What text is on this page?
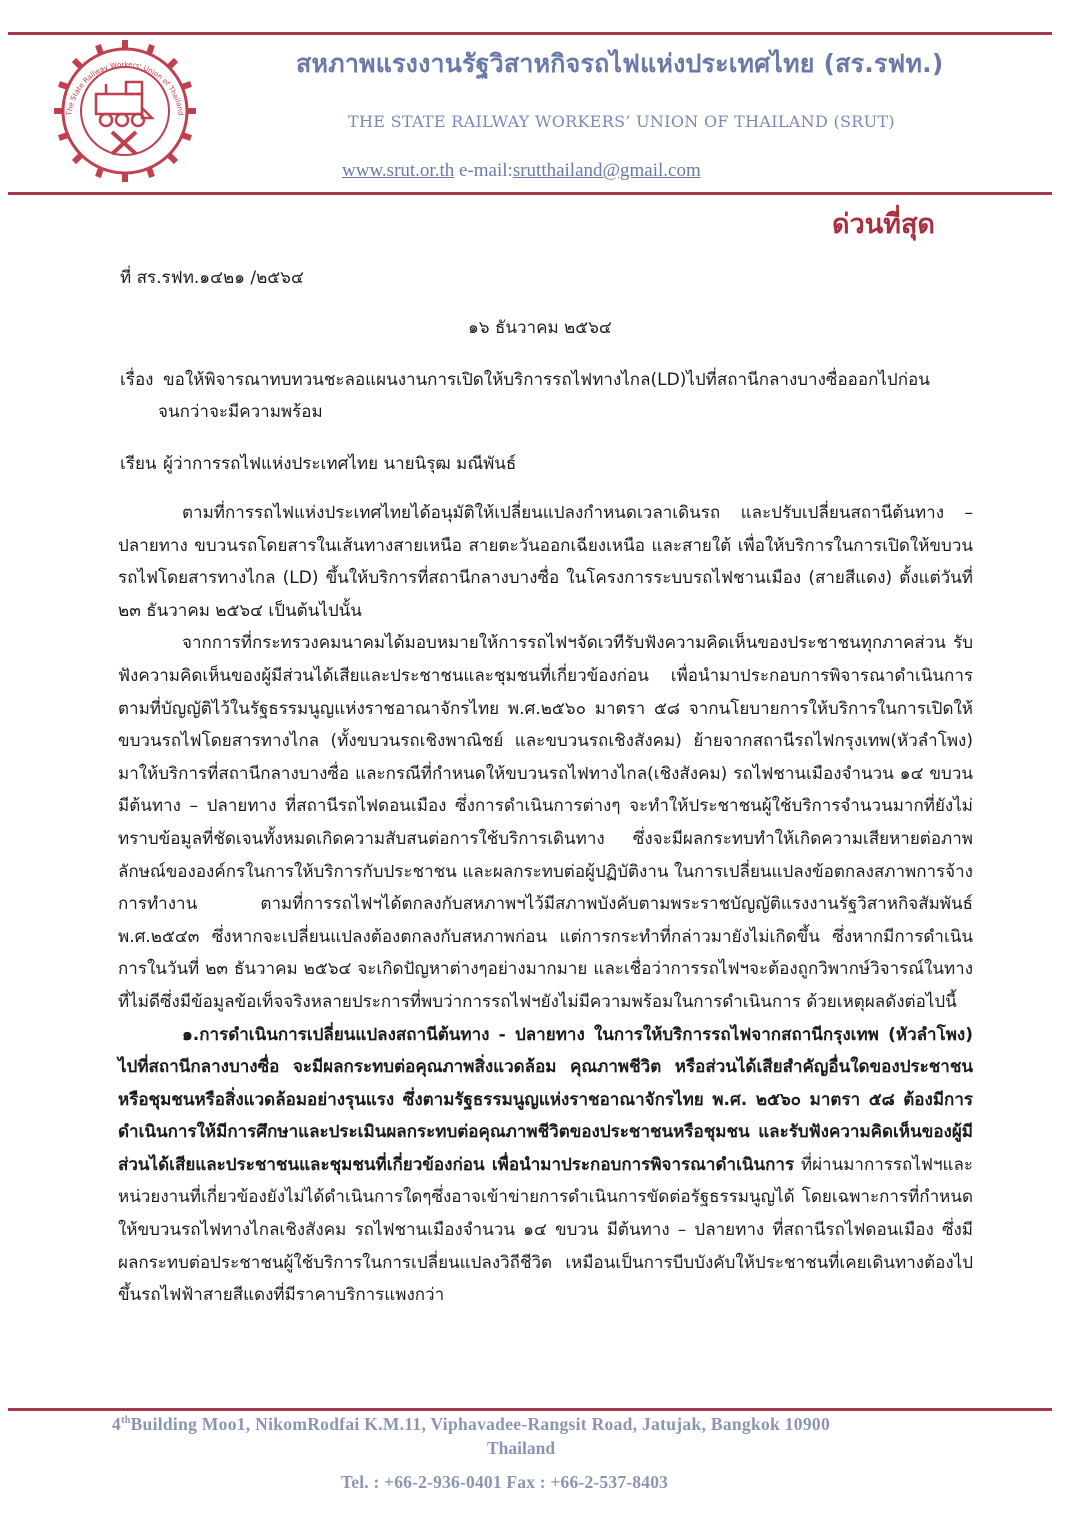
The State Railway Workers' Union of Thailand

สหภาพแรงงานรัฐวิสาหกิจรถไฟแห่งประเทศไทย (สร.รฟท.)

THE STATE RAILWAY WORKERS’ UNION OF THAILAND (SRUT)

www.srut.or.th e-mail:srutthailand@gmail.com

ด่วนที่สุด

ที่ สร.รฟท.๑๔๒๑ /๒๕๖๔

๑๖ ธันวาคม ๒๕๖๔

เรื่อง ขอให้พิจารณาทบทวนชะลอแผนงานการเปิดให้บริการรถไฟทางไกล(LD)ไปที่สถานีกลางบางซื่อออกไปก่อน

จนกว่าจะมีความพร้อม

เรียน ผู้ว่าการรถไฟแห่งประเทศไทย นายนิรุฒ มณีพันธ์

ตามที่การรถไฟแห่งประเทศไทยได้อนุมัติให้เปลี่ยนแปลงกำหนดเวลาเดินรถ และปรับเปลี่ยนสถานีต้นทาง – ปลายทาง ขบวนรถโดยสารในเส้นทางสายเหนือ สายตะวันออกเฉียงเหนือ และสายใต้ เพื่อให้บริการในการเปิดให้ขบวนรถไฟโดยสารทางไกล (LD) ขึ้นให้บริการที่สถานีกลางบางซื่อ ในโครงการระบบรถไฟชานเมือง (สายสีแดง) ตั้งแต่วันที่ ๒๓ ธันวาคม ๒๕๖๔ เป็นต้นไปนั้น

จากการที่กระทรวงคมนาคมได้มอบหมายให้การรถไฟฯจัดเวทีรับฟังความคิดเห็นของประชาชนทุกภาคส่วน รับฟังความคิดเห็นของผู้มีส่วนได้เสียและประชาชนและชุมชนที่เกี่ยวข้องก่อน เพื่อนำมาประกอบการพิจารณาดำเนินการ ตามที่บัญญัติไว้ในรัฐธรรมนูญแห่งราชอาณาจักรไทย พ.ศ.๒๕๖๐ มาตรา ๕๘ จากนโยบายการให้บริการในการเปิดให้ขบวนรถไฟโดยสารทางไกล (ทั้งขบวนรถเชิงพาณิชย์ และขบวนรถเชิงสังคม) ย้ายจากสถานีรถไฟกรุงเทพ(หัวลำโพง) มาให้บริการที่สถานีกลางบางซื่อ และกรณีที่กำหนดให้ขบวนรถไฟทางไกล(เชิงสังคม) รถไฟชานเมืองจำนวน ๑๔ ขบวน มีต้นทาง – ปลายทาง ที่สถานีรถไฟดอนเมือง ซึ่งการดำเนินการต่างๆ จะทำให้ประชาชนผู้ใช้บริการจำนวนมากที่ยังไม่ทราบข้อมูลที่ชัดเจนทั้งหมดเกิดความสับสนต่อการใช้บริการเดินทาง ซึ่งจะมีผลกระทบทำให้เกิดความเสียหายต่อภาพลักษณ์ขององค์กรในการให้บริการกับประชาชน และผลกระทบต่อผู้ปฏิบัติงาน ในการเปลี่ยนแปลงข้อตกลงสภาพการจ้าง การทำงาน ตามที่การรถไฟฯได้ตกลงกับสหภาพฯไว้มีสภาพบังคับตามพระราชบัญญัติแรงงานรัฐวิสาหกิจสัมพันธ์ พ.ศ.๒๕๔๓ ซึ่งหากจะเปลี่ยนแปลงต้องตกลงกับสหภาพก่อน แต่การกระทำที่กล่าวมายังไม่เกิดขึ้น ซึ่งหากมีการดำเนินการในวันที่ ๒๓ ธันวาคม ๒๕๖๔ จะเกิดปัญหาต่างๆอย่างมากมาย และเชื่อว่าการรถไฟฯจะต้องถูกวิพากษ์วิจารณ์ในทางที่ไม่ดีซึ่งมีข้อมูลข้อเท็จจริงหลายประการที่พบว่าการรถไฟฯยังไม่มีความพร้อมในการดำเนินการ ด้วยเหตุผลดังต่อไปนี้

๑.การดำเนินการเปลี่ยนแปลงสถานีต้นทาง - ปลายทาง ในการให้บริการรถไฟจากสถานีกรุงเทพ (หัวลำโพง) ไปที่สถานีกลางบางซื่อ จะมีผลกระทบต่อคุณภาพสิ่งแวดล้อม คุณภาพชีวิต หรือส่วนได้เสียสำคัญอื่นใดของประชาชนหรือชุมชนหรือสิ่งแวดล้อมอย่างรุนแรง ซึ่งตามรัฐธรรมนูญแห่งราชอาณาจักรไทย พ.ศ. ๒๕๖๐ มาตรา ๕๘ ต้องมีการดำเนินการให้มีการศึกษาและประเมินผลกระทบต่อคุณภาพชีวิตของประชาชนหรือชุมชน และรับฟังความคิดเห็นของผู้มีส่วนได้เสียและประชาชนและชุมชนที่เกี่ยวข้องก่อน เพื่อนำมาประกอบการพิจารณาดำเนินการ ที่ผ่านมาการรถไฟฯและหน่วยงานที่เกี่ยวข้องยังไม่ได้ดำเนินการใดๆซึ่งอาจเข้าข่ายการดำเนินการขัดต่อรัฐธรรมนูญได้ โดยเฉพาะการที่กำหนดให้ขบวนรถไฟทางไกลเชิงสังคม รถไฟชานเมืองจำนวน ๑๔ ขบวน มีต้นทาง – ปลายทาง ที่สถานีรถไฟดอนเมือง ซึ่งมีผลกระทบต่อประชาชนผู้ใช้บริการในการเปลี่ยนแปลงวิถีชีวิต เหมือนเป็นการบีบบังคับให้ประชาชนที่เคยเดินทางต้องไปขึ้นรถไฟฟ้าสายสีแดงที่มีราคาบริการแพงกว่า

4thBuilding Moo1, NikomRodfai K.M.11, Viphavadee-Rangsit Road, Jatujak, Bangkok 10900

Thailand

Tel. : +66-2-936-0401 Fax : +66-2-537-8403
